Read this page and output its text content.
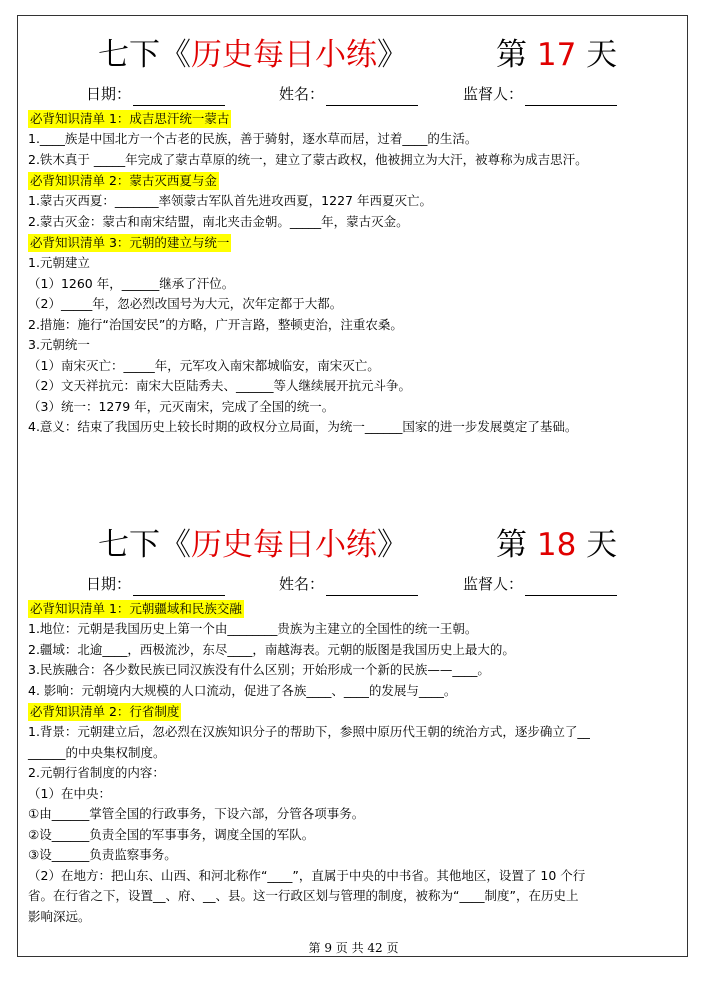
七下《历史每日小练》	第 17 天
日期：	姓名：	监督人：
必背知识清单 1：成吉思汗统一蒙古
1.____族是中国北方一个古老的民族，善于骑射，逐水草而居，过着____的生活。
2.铁木真于 _____年完成了蒙古草原的统一，建立了蒙古政权，他被拥立为大汗，被尊称为成吉思汗。
必背知识清单 2：蒙古灭西夏与金
1.蒙古灭西夏：_______率领蒙古军队首先进攻西夏，1227 年西夏灭亡。
2.蒙古灭金：蒙古和南宋结盟，南北夹击金朝。_____年，蒙古灭金。
必背知识清单 3：元朝的建立与统一
1.元朝建立
（1）1260 年，______继承了汗位。
（2）_____年，忽必烈改国号为大元，次年定都于大都。
2.措施：施行“治国安民”的方略，广开言路，整顿吏治，注重农桑。
3.元朝统一
（1）南宋灭亡：_____年，元军攻入南宋都城临安，南宋灭亡。
（2）文天祥抗元：南宋大臣陆秀夫、______等人继续展开抗元斗争。
（3）统一：1279 年，元灭南宋，完成了全国的统一。
4.意义：结束了我国历史上较长时期的政权分立局面，为统一______国家的进一步发展奠定了基础。
七下《历史每日小练》	第 18 天
日期：	姓名：	监督人：
必背知识清单 1：元朝疆域和民族交融
1.地位：元朝是我国历史上第一个由________贵族为主建立的全国性的统一王朝。
2.疆域：北逾____，西极流沙，东尽____，南越海表。元朝的版图是我国历史上最大的。
3.民族融合：各少数民族已同汉族没有什么区别；开始形成一个新的民族——____。
4. 影响：元朝境内大规模的人口流动，促进了各族____、____的发展与____。
必背知识清单 2：行省制度
1.背景：元朝建立后，忽必烈在汉族知识分子的帮助下，参照中原历代王朝的统治方式，逐步确立了__
______的中央集权制度。
2.元朝行省制度的内容：
（1）在中央：
①由______掌管全国的行政事务，下设六部，分管各项事务。
②设______负责全国的军事事务，调度全国的军队。
③设______负责监察事务。
（2）在地方：把山东、山西、和河北称作“____”，直属于中央的中书省。其他地区，设置了 10 个行
省。在行省之下，设置__、府、__、县。这一行政区划与管理的制度，被称为“____制度”，在历史上
影响深远。
第 9 页 共 42 页
